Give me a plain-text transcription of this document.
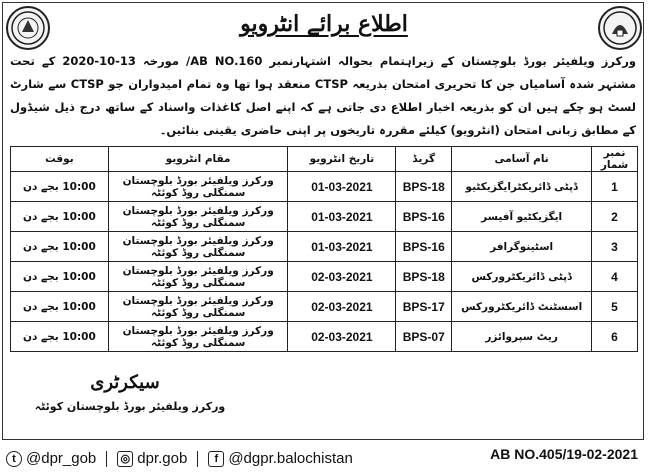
اطلاع برائے انٹرویو
ورکرز ویلفیئر بورڈ بلوچستان کے زیراہتمام بحوالہ اشتہارنمبر AB NO.160/ مورخہ 13-10-2020 کے تحت مشتہر شدہ آسامیاں جن کا تحریری امتحان بذریعہ CTSP منعقد ہوا تھا وہ تمام امیدواران جو CTSP سے شارٹ لسٹ ہو چکے ہیں ان کو بذریعہ اخبار اطلاع دی جاتی ہے کہ اپنے اصل کاغذات واسناد کے ساتھ درج ذیل شیڈول کے مطابق زبانی امتحان (انٹرویو) کیلئے مقررہ تاریخوں پر اپنی حاضری یقینی بنائیں۔
نمبر شمار	نام آسامی	گریڈ	تاریخ انٹرویو	مقام انٹرویو	بوقت
1	ڈپٹی ڈائریکٹرایگزیکٹیو	BPS-18	01-03-2021	ورکرز ویلفیئر بورڈ بلوچستان سمنگلی روڈ کوئٹہ	10:00 بجے دن
2	ایگزیکٹیو آفیسر	BPS-16	01-03-2021	ورکرز ویلفیئر بورڈ بلوچستان سمنگلی روڈ کوئٹہ	10:00 بجے دن
3	اسٹینوگرافر	BPS-16	01-03-2021	ورکرز ویلفیئر بورڈ بلوچستان سمنگلی روڈ کوئٹہ	10:00 بجے دن
4	ڈپٹی ڈائریکٹرورکس	BPS-18	02-03-2021	ورکرز ویلفیئر بورڈ بلوچستان سمنگلی روڈ کوئٹہ	10:00 بجے دن
5	اسسٹنٹ ڈائریکٹرورکس	BPS-17	02-03-2021	ورکرز ویلفیئر بورڈ بلوچستان سمنگلی روڈ کوئٹہ	10:00 بجے دن
6	ریٹ سپروائزر	BPS-07	02-03-2021	ورکرز ویلفیئر بورڈ بلوچستان سمنگلی روڈ کوئٹہ	10:00 بجے دن
سیکرٹری
ورکرز ویلفیئر بورڈ بلوچستان کوئٹہ
t @dpr_gob ◎ dpr.gob	f @dgpr.balochistan	AB NO.405/19-02-2021
